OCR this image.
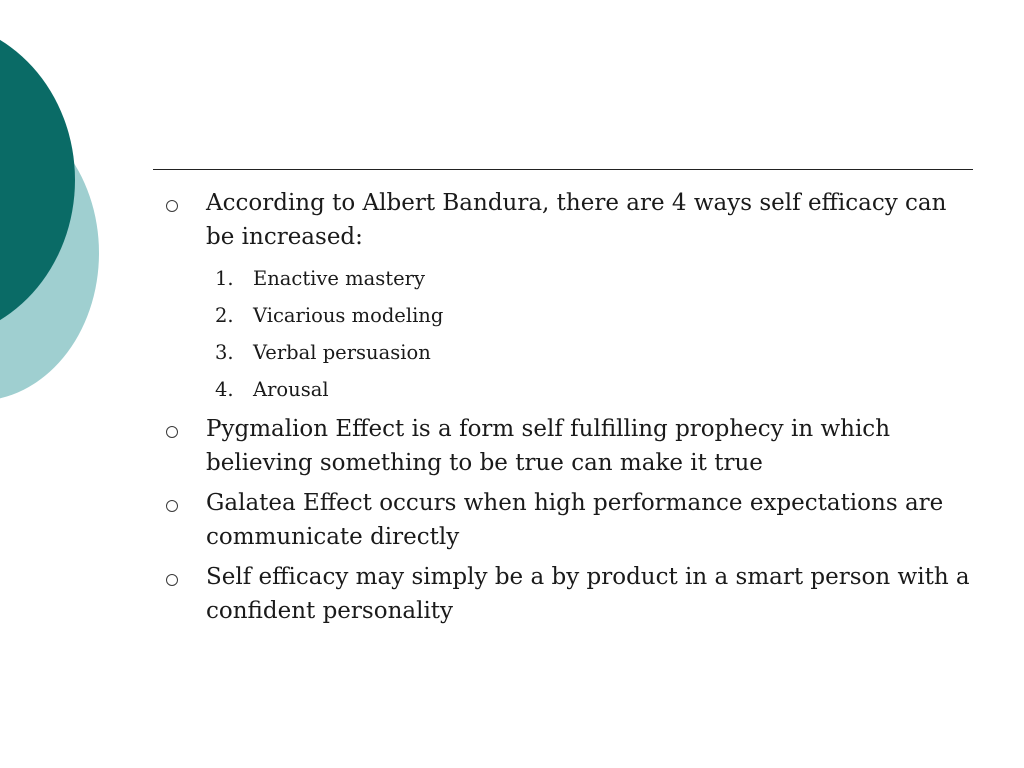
According to Albert Bandura, there are 4 ways self efficacy can be increased:
1. Enactive mastery
2. Vicarious modeling
3. Verbal persuasion
4. Arousal
Pygmalion Effect is a form self fulfilling prophecy in which believing something to be true can make it true
Galatea Effect occurs when high performance expectations are communicate directly
Self efficacy may simply be a by product in a smart person with a confident personality
